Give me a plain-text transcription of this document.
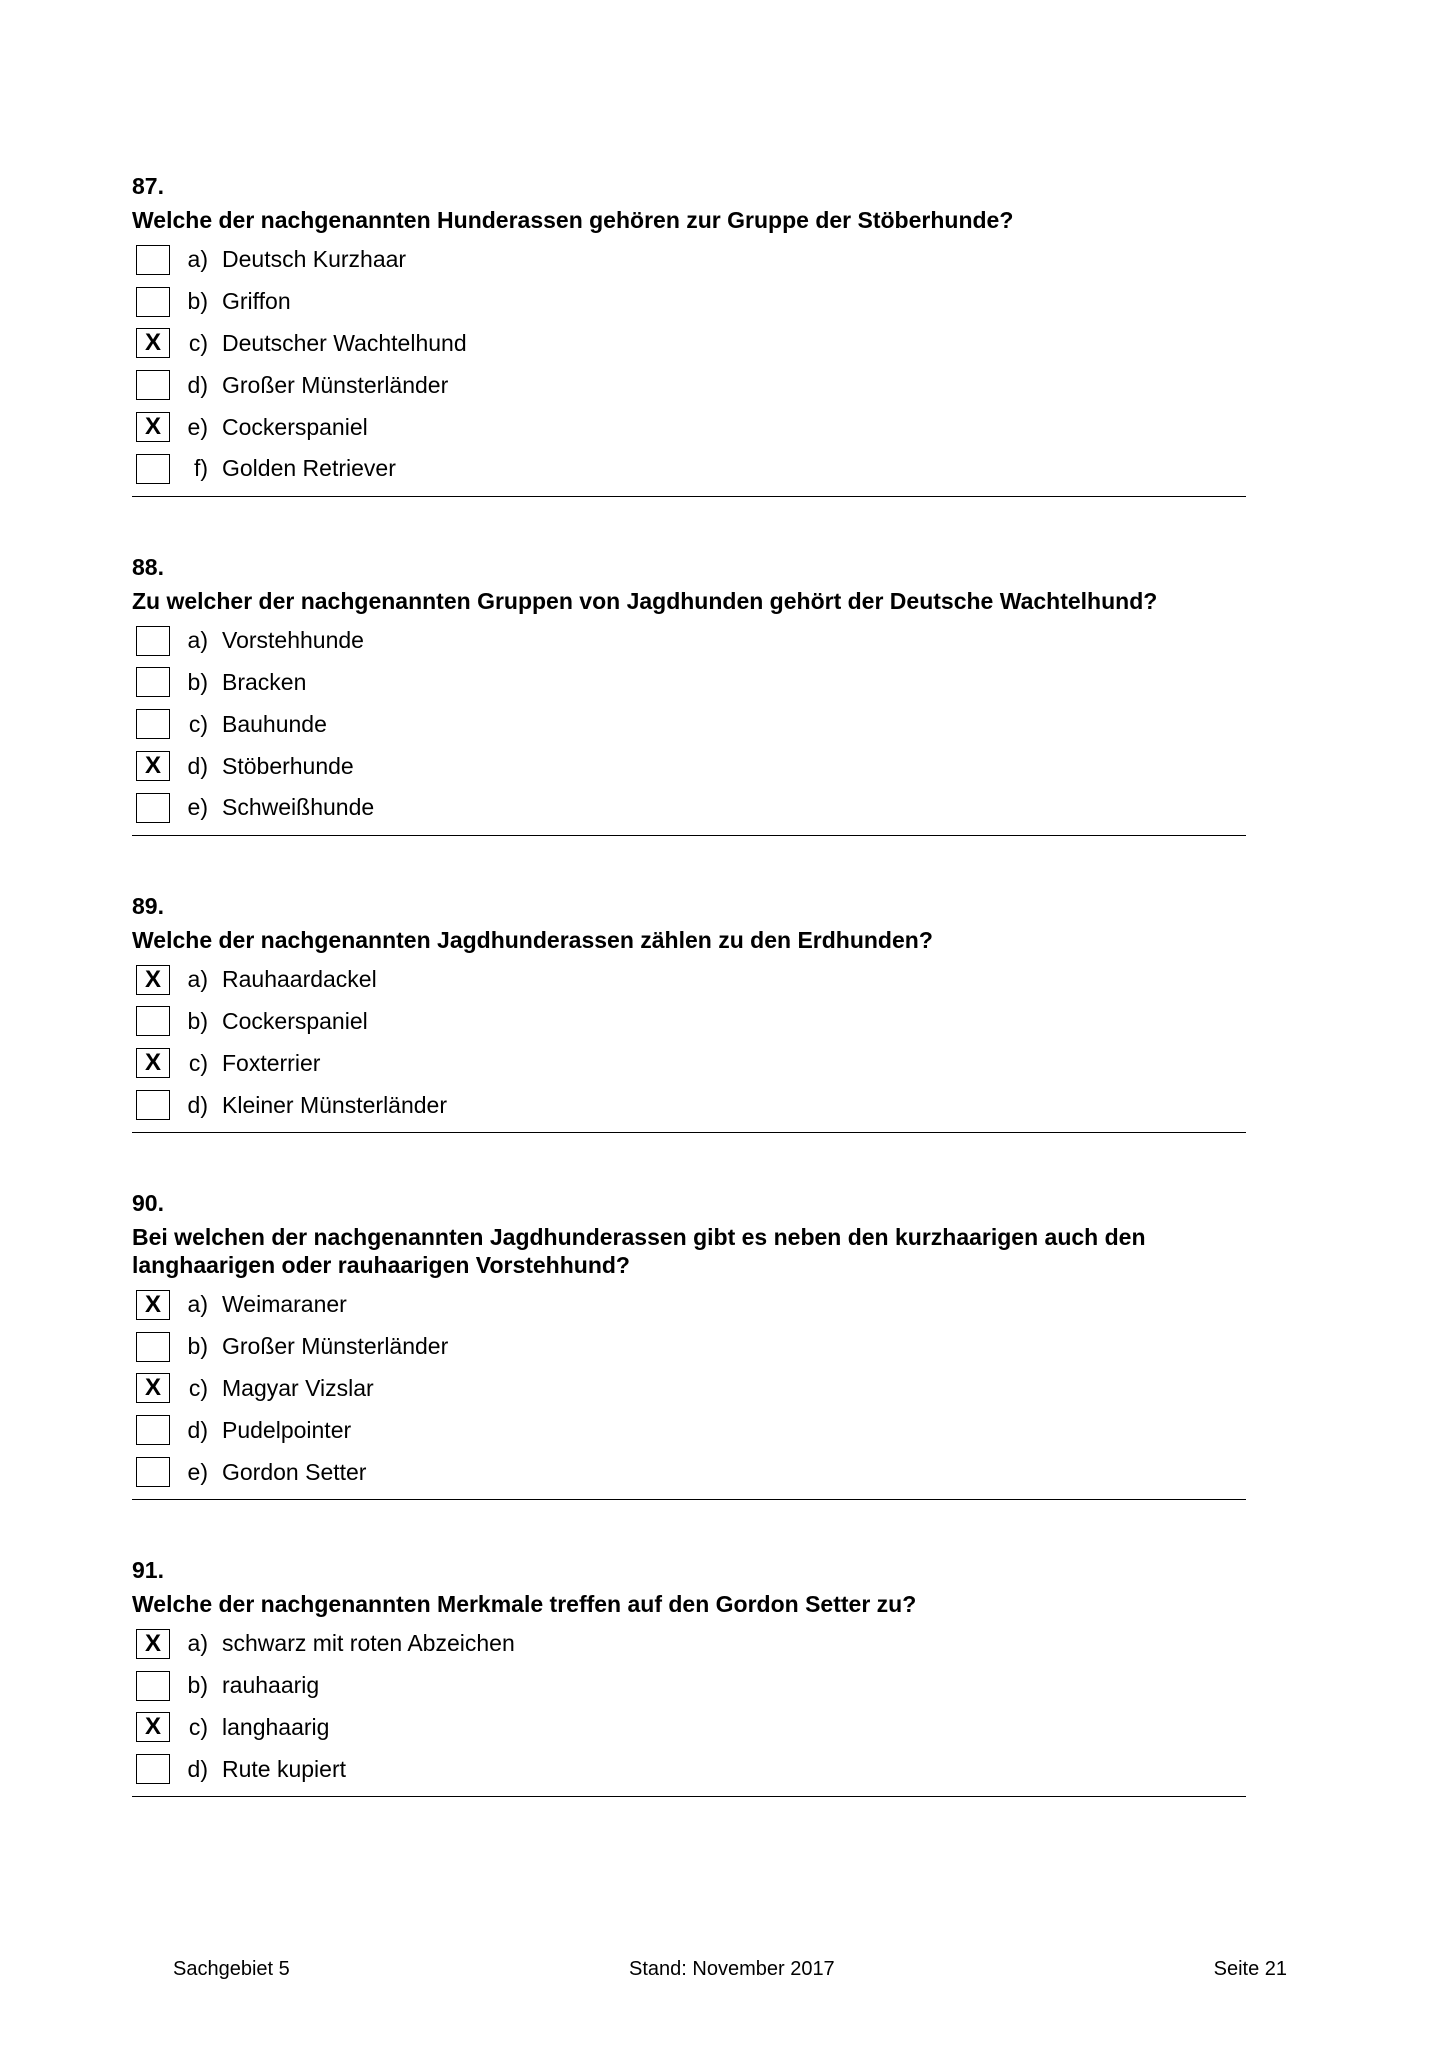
87.
Welche der nachgenannten Hunderassen gehören zur Gruppe der Stöberhunde?
a) Deutsch Kurzhaar
b) Griffon
X	c) Deutscher Wachtelhund
d) Großer Münsterländer
X	e) Cockerspaniel
f) Golden Retriever
88.
Zu welcher der nachgenannten Gruppen von Jagdhunden gehört der Deutsche Wachtelhund?
a) Vorstehhunde
b) Bracken
c) Bauhunde
X	d) Stöberhunde
e) Schweißhunde
89.
Welche der nachgenannten Jagdhunderassen zählen zu den Erdhunden?
X	a) Rauhaardackel
b) Cockerspaniel
X	c) Foxterrier
d) Kleiner Münsterländer
90.
Bei welchen der nachgenannten Jagdhunderassen gibt es neben den kurzhaarigen auch den langhaarigen oder rauhaarigen Vorstehhund?
X	a) Weimaraner
b) Großer Münsterländer
X	c) Magyar Vizslar
d) Pudelpointer
e) Gordon Setter
91.
Welche der nachgenannten Merkmale treffen auf den Gordon Setter zu?
X	a) schwarz mit roten Abzeichen
b) rauhaarig
X	c) langhaarig
d) Rute kupiert
Sachgebiet 5	Stand: November 2017	Seite 21
